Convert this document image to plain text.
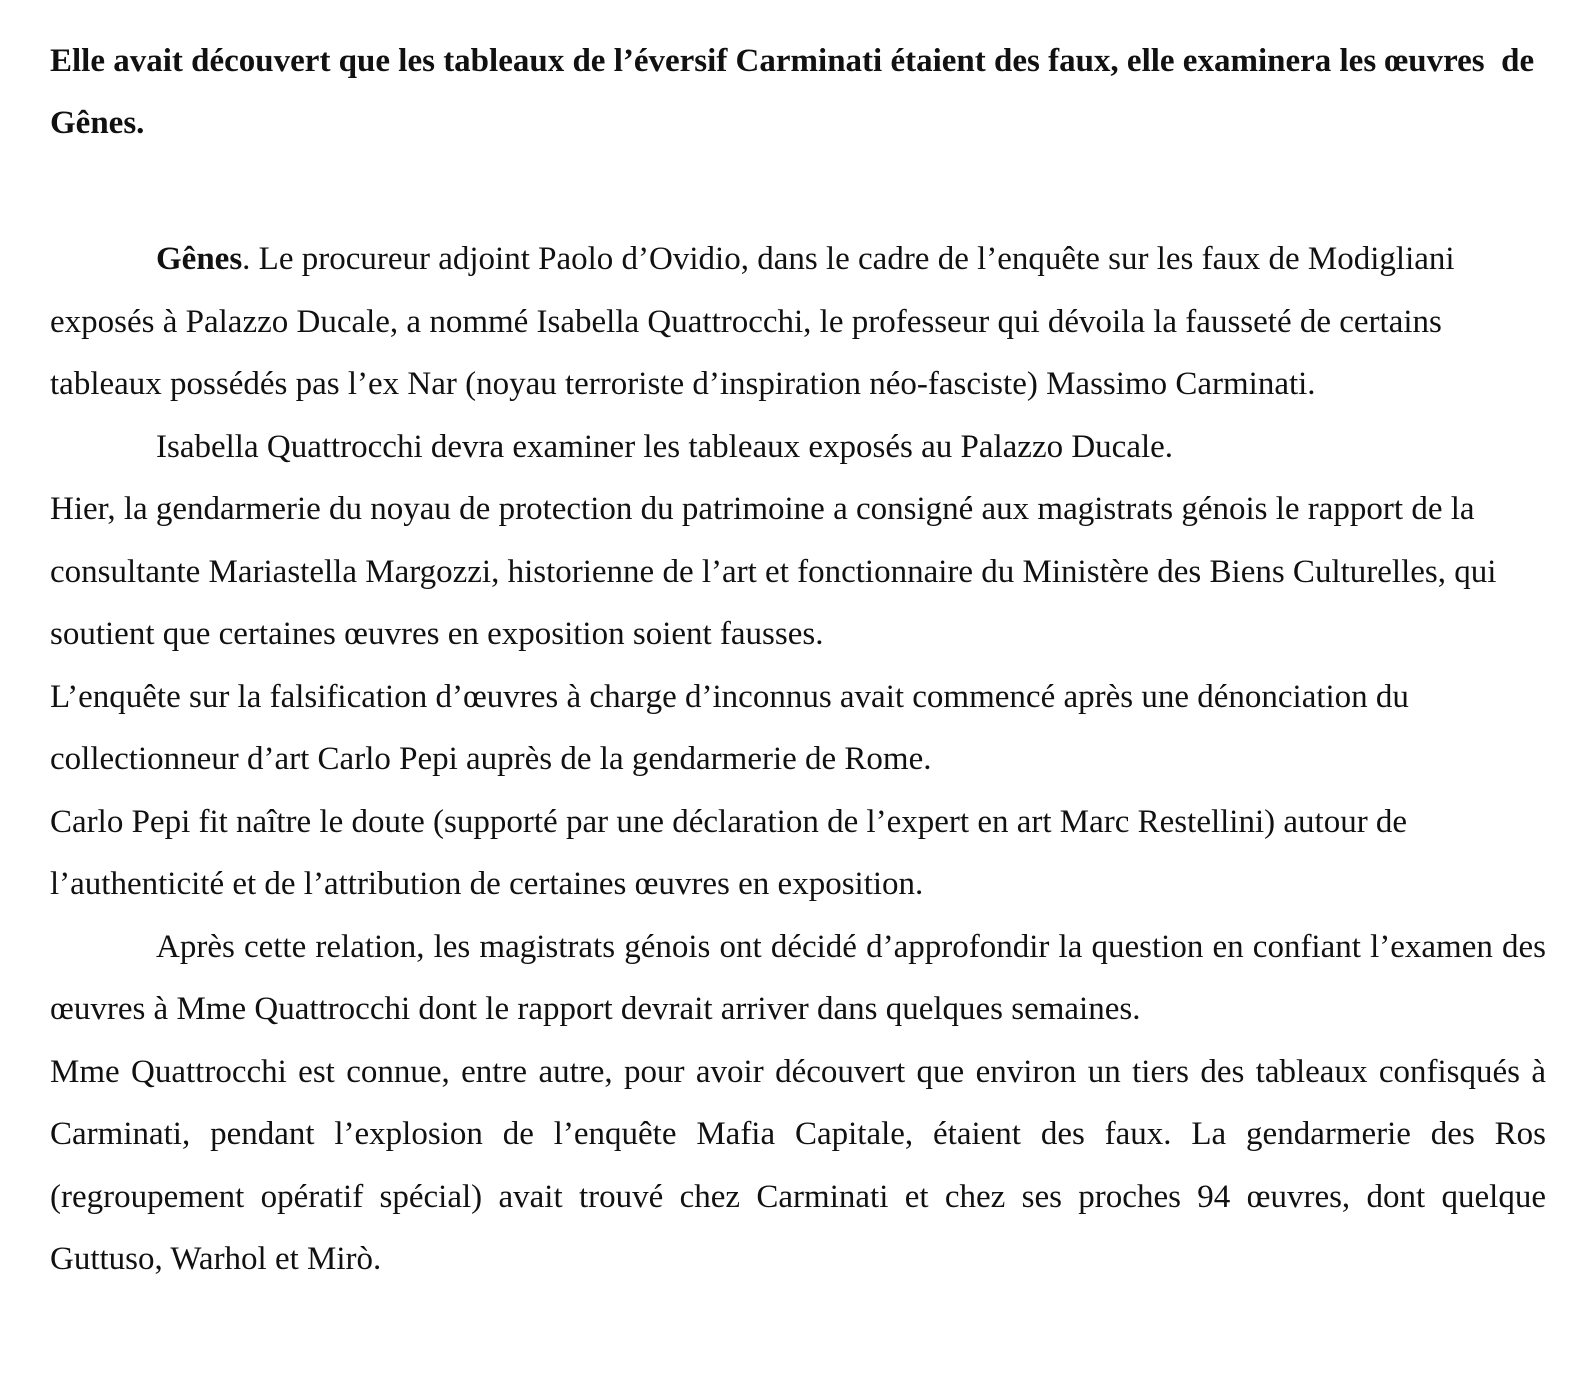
Elle avait découvert que les tableaux de l’éversif Carminati étaient des faux, elle examinera les œuvres  de Gênes.

Gênes. Le procureur adjoint Paolo d’Ovidio, dans le cadre de l’enquête sur les faux de Modigliani exposés à Palazzo Ducale, a nommé Isabella Quattrocchi, le professeur qui dévoila la fausseté de certains tableaux possédés pas l’ex Nar (noyau terroriste d’inspiration néo-fasciste) Massimo Carminati.

Isabella Quattrocchi devra examiner les tableaux exposés au Palazzo Ducale.

Hier, la gendarmerie du noyau de protection du patrimoine a consigné aux magistrats génois le rapport de la consultante Mariastella Margozzi, historienne de l’art et fonctionnaire du Ministère des Biens Culturelles, qui soutient que certaines œuvres en exposition soient fausses.

L’enquête sur la falsification d’œuvres à charge d’inconnus avait commencé après une dénonciation du collectionneur d’art Carlo Pepi auprès de la gendarmerie de Rome.

Carlo Pepi fit naître le doute (supporté par une déclaration de l’expert en art Marc Restellini) autour de l’authenticité et de l’attribution de certaines œuvres en exposition.

Après cette relation, les magistrats génois ont décidé d’approfondir la question en confiant l’examen des œuvres à Mme Quattrocchi dont le rapport devrait arriver dans quelques semaines.

Mme Quattrocchi est connue, entre autre, pour avoir découvert que environ un tiers des tableaux confisqués à Carminati, pendant l’explosion de l’enquête Mafia Capitale, étaient des faux. La gendarmerie des Ros (regroupement opératif spécial) avait trouvé chez Carminati et chez ses proches 94 œuvres, dont quelque Guttuso, Warhol et Mirò.
